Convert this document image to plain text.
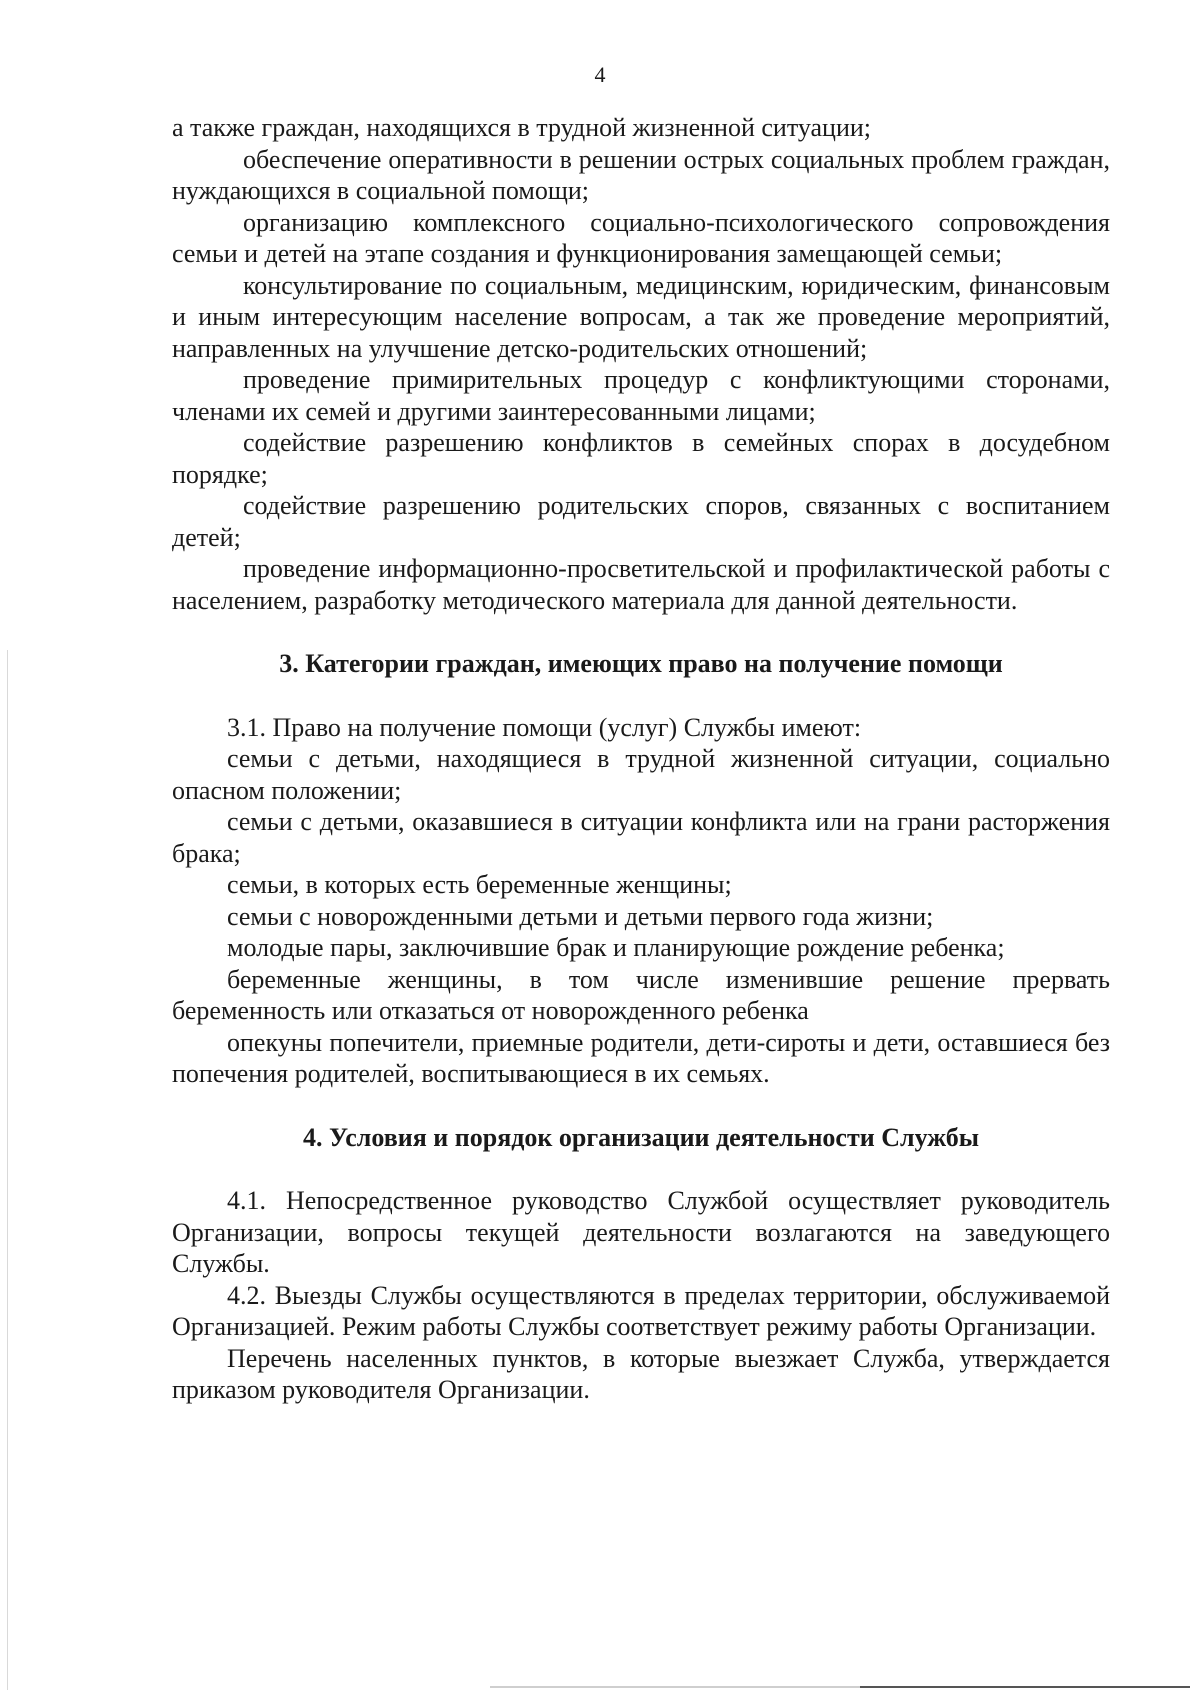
4

а также граждан, находящихся в трудной жизненной ситуации;

обеспечение оперативности в решении острых социальных проблем граждан, нуждающихся в социальной помощи;

организацию комплексного социально-психологического сопровождения семьи и детей на этапе создания и функционирования замещающей семьи;

консультирование по социальным, медицинским, юридическим, финансовым и иным интересующим население вопросам, а так же проведение мероприятий, направленных на улучшение детско-родительских отношений;

проведение примирительных процедур с конфликтующими сторонами, членами их семей и другими заинтересованными лицами;

содействие разрешению конфликтов в семейных спорах в досудебном порядке;

содействие разрешению родительских споров, связанных с воспитанием детей;

проведение информационно-просветительской и профилактической работы с населением, разработку методического материала для данной деятельности.

3. Категории граждан, имеющих право на получение помощи

3.1. Право на получение помощи (услуг) Службы имеют:

семьи с детьми, находящиеся в трудной жизненной ситуации, социально опасном положении;

семьи с детьми, оказавшиеся в ситуации конфликта или на грани расторжения брака;

семьи, в которых есть беременные женщины;

семьи с новорожденными детьми и детьми первого года жизни;

молодые пары, заключившие брак и планирующие рождение ребенка;

беременные женщины, в том числе изменившие решение прервать беременность или отказаться от новорожденного ребенка

опекуны попечители, приемные родители, дети-сироты и дети, оставшиеся без попечения родителей, воспитывающиеся в их семьях.

4. Условия и порядок организации деятельности Службы

4.1. Непосредственное руководство Службой осуществляет руководитель Организации, вопросы текущей деятельности возлагаются на заведующего Службы.

4.2. Выезды Службы осуществляются в пределах территории, обслуживаемой Организацией. Режим работы Службы соответствует режиму работы Организации.

Перечень населенных пунктов, в которые выезжает Служба, утверждается приказом руководителя Организации.
